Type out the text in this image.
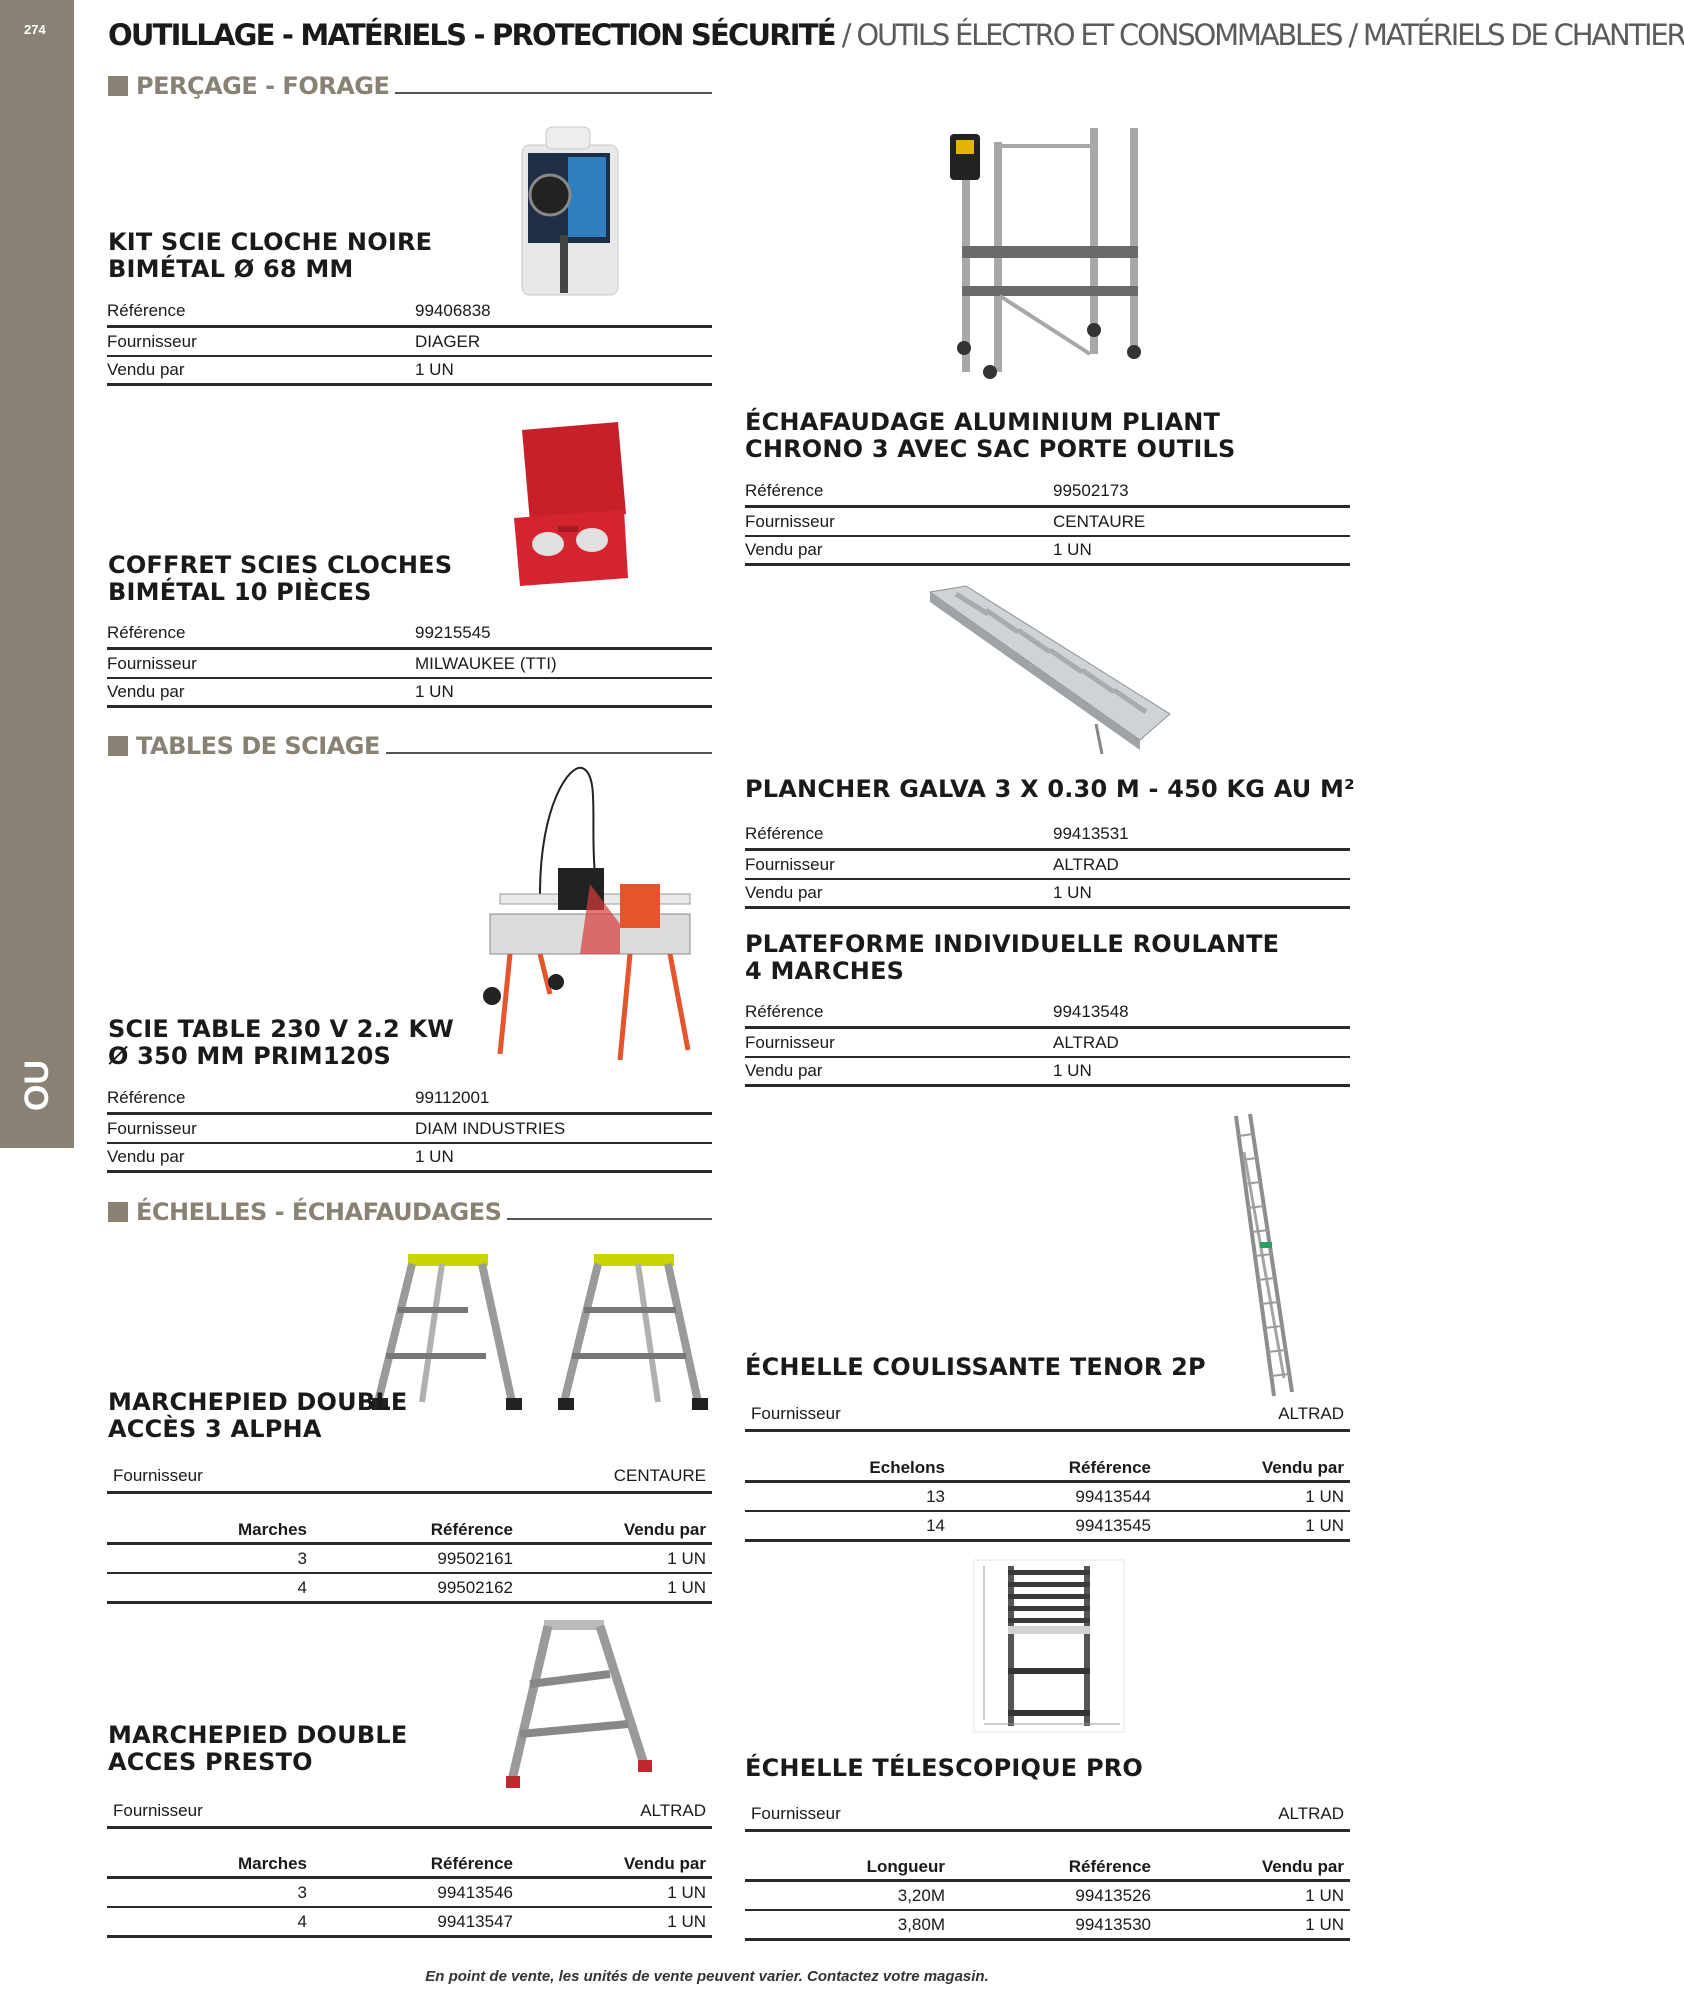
274
OU
OUTILLAGE - MATÉRIELS - PROTECTION SÉCURITÉ / OUTILS ÉLECTRO ET CONSOMMABLES / MATÉRIELS DE CHANTIER
PERÇAGE - FORAGE
KIT SCIE CLOCHE NOIRE
BIMÉTAL Ø 68 MM
Référence	99406838
Fournisseur	DIAGER
Vendu par	1 UN
COFFRET SCIES CLOCHES
BIMÉTAL 10 PIÈCES
Référence	99215545
Fournisseur	MILWAUKEE (TTI)
Vendu par	1 UN
TABLES DE SCIAGE
SCIE TABLE 230 V 2.2 KW
Ø 350 MM PRIM120S
Référence	99112001
Fournisseur	DIAM INDUSTRIES
Vendu par	1 UN
ÉCHELLES - ÉCHAFAUDAGES
MARCHEPIED DOUBLE
ACCÈS 3 ALPHA
Fournisseur	CENTAURE
Marches	Référence	Vendu par
3	99502161	1 UN
4	99502162	1 UN
MARCHEPIED DOUBLE
ACCES PRESTO
Fournisseur	ALTRAD
Marches	Référence	Vendu par
3	99413546	1 UN
4	99413547	1 UN
ÉCHAFAUDAGE ALUMINIUM PLIANT
CHRONO 3 AVEC SAC PORTE OUTILS
Référence	99502173
Fournisseur	CENTAURE
Vendu par	1 UN
PLANCHER GALVA 3 X 0.30 M - 450 KG AU M²
Référence	99413531
Fournisseur	ALTRAD
Vendu par	1 UN
PLATEFORME INDIVIDUELLE ROULANTE
4 MARCHES
Référence	99413548
Fournisseur	ALTRAD
Vendu par	1 UN
ÉCHELLE COULISSANTE TENOR 2P
Fournisseur	ALTRAD
Echelons	Référence	Vendu par
13	99413544	1 UN
14	99413545	1 UN
ÉCHELLE TÉLESCOPIQUE PRO
Fournisseur	ALTRAD
Longueur	Référence	Vendu par
3,20M	99413526	1 UN
3,80M	99413530	1 UN
En point de vente, les unités de vente peuvent varier. Contactez votre magasin.
